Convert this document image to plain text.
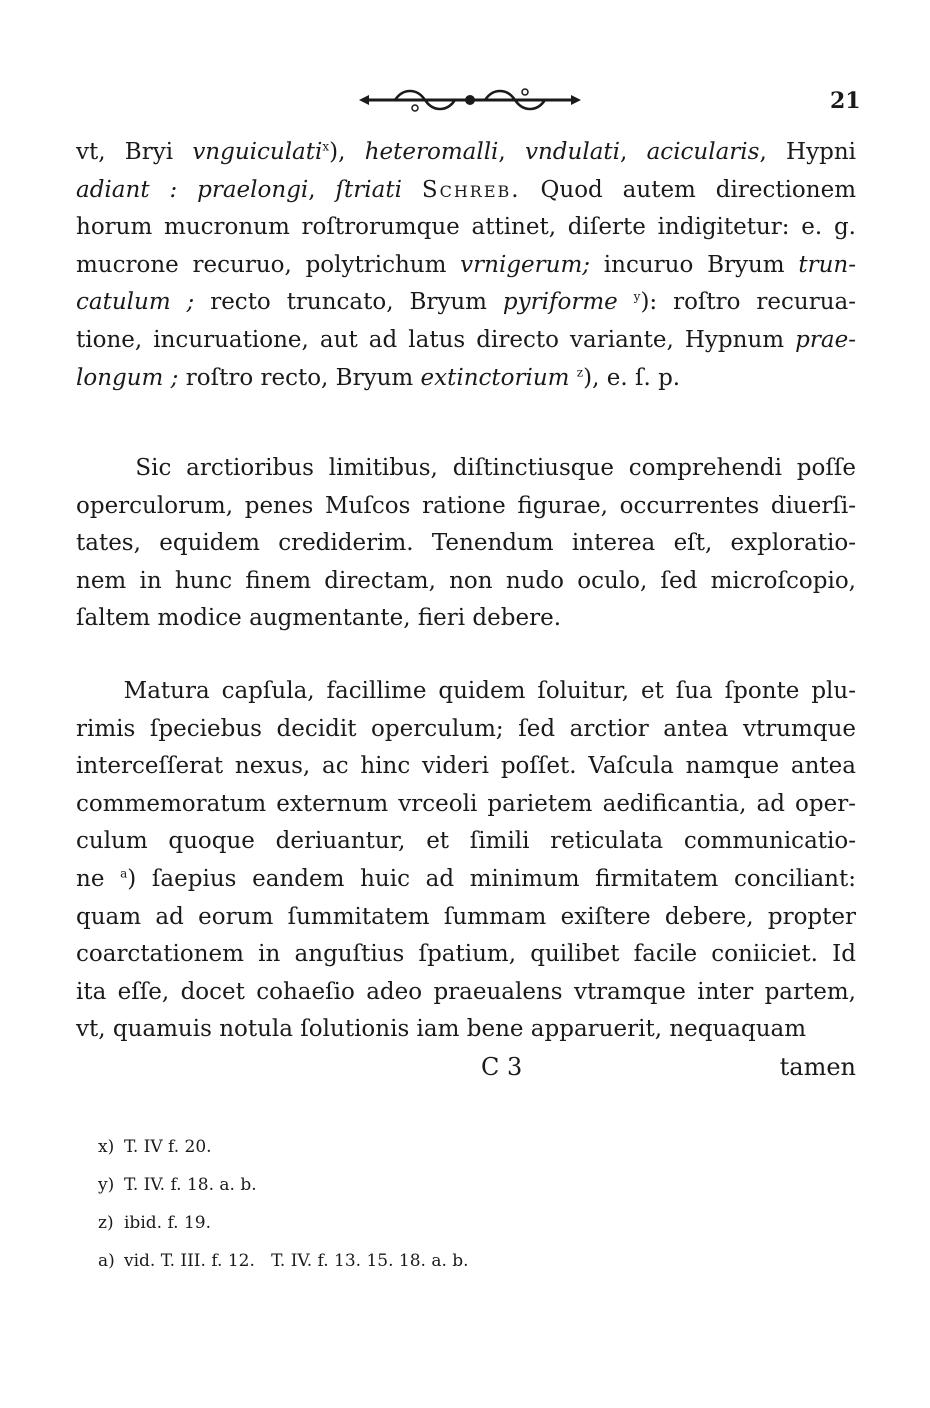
21
vt, Bryi vnguiculati$^x$), heteromalli, vndulati, acicularis, Hypni
adiant : praelongi, ſtriati Schreb. Quod autem directionem
horum mucronum roſtrorumque attinet, diſerte indigitetur: e. g.
mucrone recuruo, polytrichum vrnigerum; incuruo Bryum trun-
catulum ; recto truncato, Bryum pyriforme $^y$): roſtro recurua-
tione, incuruatione, aut ad latus directo variante, Hypnum prae-
longum ; roſtro recto, Bryum extinctorium $^z$), e. ſ. p.
Sic arctioribus limitibus, diſtinctiusque comprehendi poſſe
operculorum, penes Muſcos ratione figurae, occurrentes diuerſi-
tates, equidem crediderim. Tenendum interea eſt, exploratio-
nem in hunc finem directam, non nudo oculo, ſed microſcopio,
ſaltem modice augmentante, fieri debere.
Matura capſula, facillime quidem ſoluitur, et ſua ſponte plu-
rimis ſpeciebus decidit operculum; ſed arctior antea vtrumque
interceſſerat nexus, ac hinc videri poſſet. Vaſcula namque antea
commemoratum externum vrceoli parietem aedificantia, ad oper-
culum quoque deriuantur, et ſimili reticulata communicatio-
ne $^a$) ſaepius eandem huic ad minimum firmitatem conciliant:
quam ad eorum ſummitatem ſummam exiſtere debere, propter
coarctationem in anguſtius ſpatium, quilibet facile coniiciet. Id
ita eſſe, docet cohaeſio adeo praeualens vtramque inter partem,
vt, quamuis notula ſolutionis iam bene apparuerit, nequaquam
C 3	tamen
x) T. IV f. 20.
y) T. IV. f. 18. a. b.
z) ibid. f. 19.
a) vid. T. III. f. 12.   T. IV. f. 13. 15. 18. a. b.
